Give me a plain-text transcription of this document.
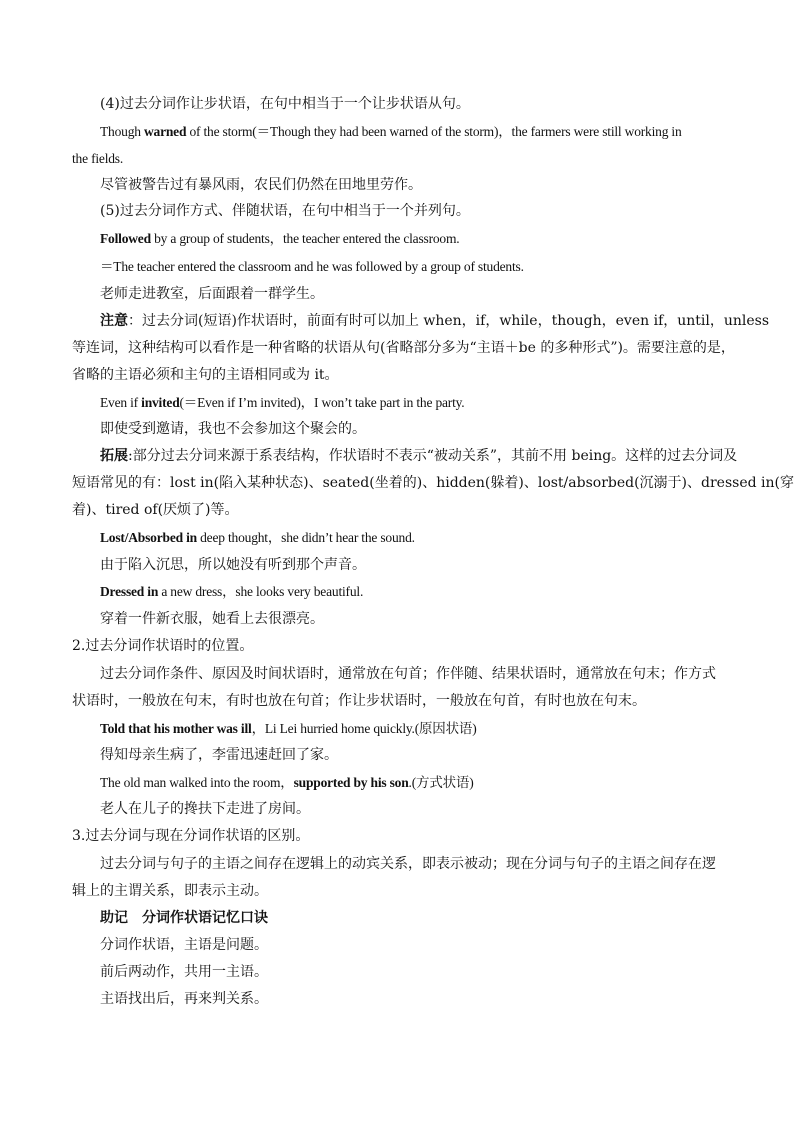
(4)过去分词作让步状语，在句中相当于一个让步状语从句。
Though warned of the storm(＝Though they had been warned of the storm)，the farmers were still working in
the fields.
尽管被警告过有暴风雨，农民们仍然在田地里劳作。
(5)过去分词作方式、伴随状语，在句中相当于一个并列句。
Followed by a group of students，the teacher entered the classroom.
＝The teacher entered the classroom and he was followed by a group of students.
老师走进教室，后面跟着一群学生。
注意：过去分词(短语)作状语时，前面有时可以加上 when，if，while，though，even if，until，unless
等连词，这种结构可以看作是一种省略的状语从句(省略部分多为“主语＋be 的多种形式”)。需要注意的是，
省略的主语必须和主句的主语相同或为 it。
Even if invited(＝Even if I’m invited)，I won’t take part in the party.
即使受到邀请，我也不会参加这个聚会的。
拓展:部分过去分词来源于系表结构，作状语时不表示“被动关系”，其前不用 being。这样的过去分词及
短语常见的有：lost in(陷入某种状态)、seated(坐着的)、hidden(躲着)、lost/absorbed(沉溺于)、dressed in(穿
着)、tired of(厌烦了)等。
Lost/Absorbed in deep thought，she didn’t hear the sound.
由于陷入沉思，所以她没有听到那个声音。
Dressed in a new dress，she looks very beautiful.
穿着一件新衣服，她看上去很漂亮。
2.过去分词作状语时的位置。
过去分词作条件、原因及时间状语时，通常放在句首；作伴随、结果状语时，通常放在句末；作方式
状语时，一般放在句末，有时也放在句首；作让步状语时，一般放在句首，有时也放在句末。
Told that his mother was ill，Li Lei hurried home quickly.(原因状语)
得知母亲生病了，李雷迅速赶回了家。
The old man walked into the room，supported by his son.(方式状语)
老人在儿子的搀扶下走进了房间。
3.过去分词与现在分词作状语的区别。
过去分词与句子的主语之间存在逻辑上的动宾关系，即表示被动；现在分词与句子的主语之间存在逻
辑上的主谓关系，即表示主动。
助记　分词作状语记忆口诀
分词作状语，主语是问题。
前后两动作，共用一主语。
主语找出后，再来判关系。
